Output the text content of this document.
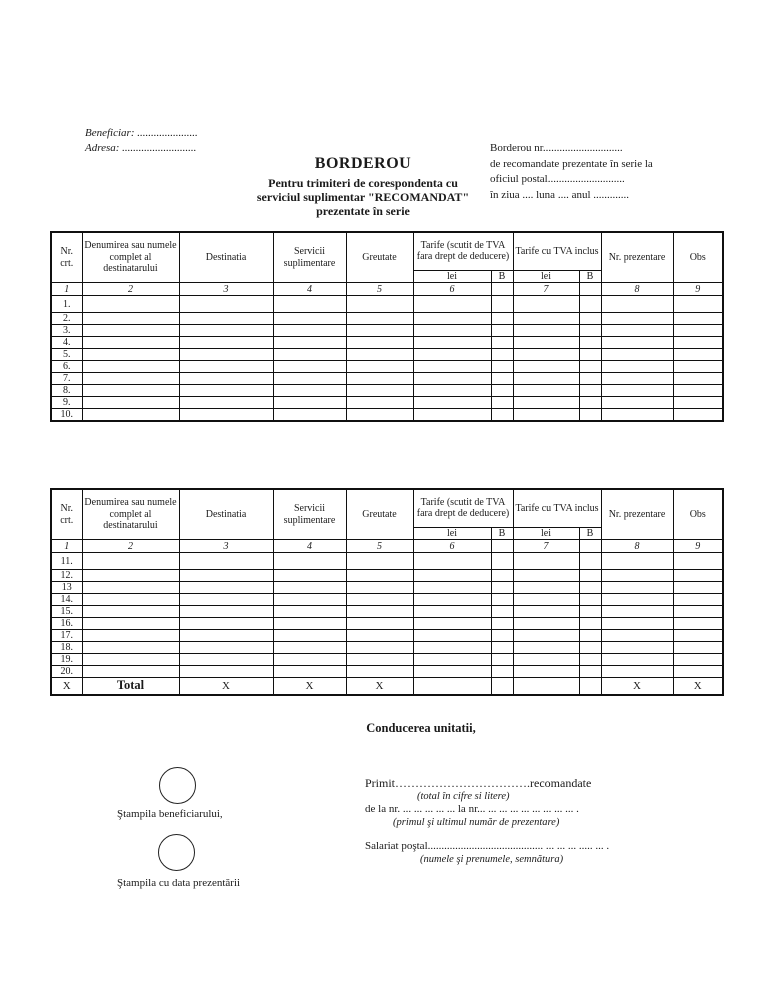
Beneficiar: ......................
Adresa: ...........................
BORDEROU
Pentru trimiteri de corespondenta cu
serviciul suplimentar "RECOMANDAT"
prezentate în serie
Borderou nr.............................
de recomandate prezentate în serie la
oficiul postal............................
în ziua .... luna .... anul .............
Nr. crt.	Denumirea sau numele complet al destinatarului	Destinatia	Servicii suplimentare	Greutate	Tarife (scutit de TVA fara drept de deducere)		Tarife cu TVA inclus		Nr. prezentare	Obs
					lei	B	lei	B		
1	2	3	4	5	6		7		8	9
1.										
2.										
3.										
4.										
5.										
6.										
7.										
8.										
9.										
10.										
Nr. crt.	Denumirea sau numele complet al destinatarului	Destinatia	Servicii suplimentare	Greutate	Tarife (scutit de TVA fara drept de deducere)		Tarife cu TVA inclus		Nr. prezentare	Obs
					lei	B	lei	B		
1	2	3	4	5	6		7		8	9
11.										
12.										
13										
14.										
15.										
16.										
17.										
18.										
19.										
20.										
X	Total	X	X	X					X	X
Conducerea unitatii,
Ştampila beneficiarului,
Ştampila cu data prezentării
Primit…………………………….recomandate
(total în cifre si litere)
de la nr. ... ... ... ... ... la nr... ... ... ... ... ... ... ... ... .
(primul şi ultimul număr de prezentare)
Salariat poştal.......................................... ... ... ... ..... ... .
(numele şi prenumele, semnătura)
